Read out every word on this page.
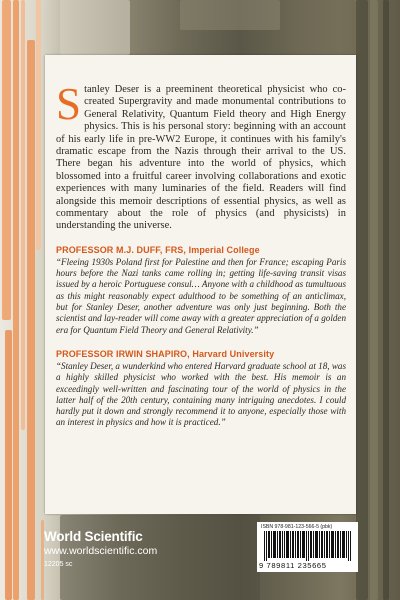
Stanley Deser is a preeminent theoretical physicist who co-created Supergravity and made monumental contributions to General Relativity, Quantum Field theory and High Energy physics. This is his personal story: beginning with an account of his early life in pre-WW2 Europe, it continues with his family's dramatic escape from the Nazis through their arrival to the US. There began his adventure into the world of physics, which blossomed into a fruitful career involving collaborations and exotic experiences with many luminaries of the field. Readers will find alongside this memoir descriptions of essential physics, as well as commentary about the role of physics (and physicists) in understanding the universe.

PROFESSOR M.J. DUFF, FRS, Imperial College

“Fleeing 1930s Poland first for Palestine and then for France; escaping Paris hours before the Nazi tanks came rolling in; getting life-saving transit visas issued by a heroic Portuguese consul… Anyone with a childhood as tumultuous as this might reasonably expect adulthood to be something of an anticlimax, but for Stanley Deser, another adventure was only just beginning. Both the scientist and lay-reader will come away with a greater appreciation of a golden era for Quantum Field Theory and General Relativity.”

PROFESSOR IRWIN SHAPIRO, Harvard University

“Stanley Deser, a wunderkind who entered Harvard graduate school at 18, was a highly skilled physicist who worked with the best. His memoir is an exceedingly well-written and fascinating tour of the world of physics in the latter half of the 20th century, containing many intriguing anecdotes. I could hardly put it down and strongly recommend it to anyone, especially those with an interest in physics and how it is practiced.”

World Scientific
www.worldscientific.com
12205 sc
ISBN 978-981-123-566-5 (pbk)
9 789811 235665
